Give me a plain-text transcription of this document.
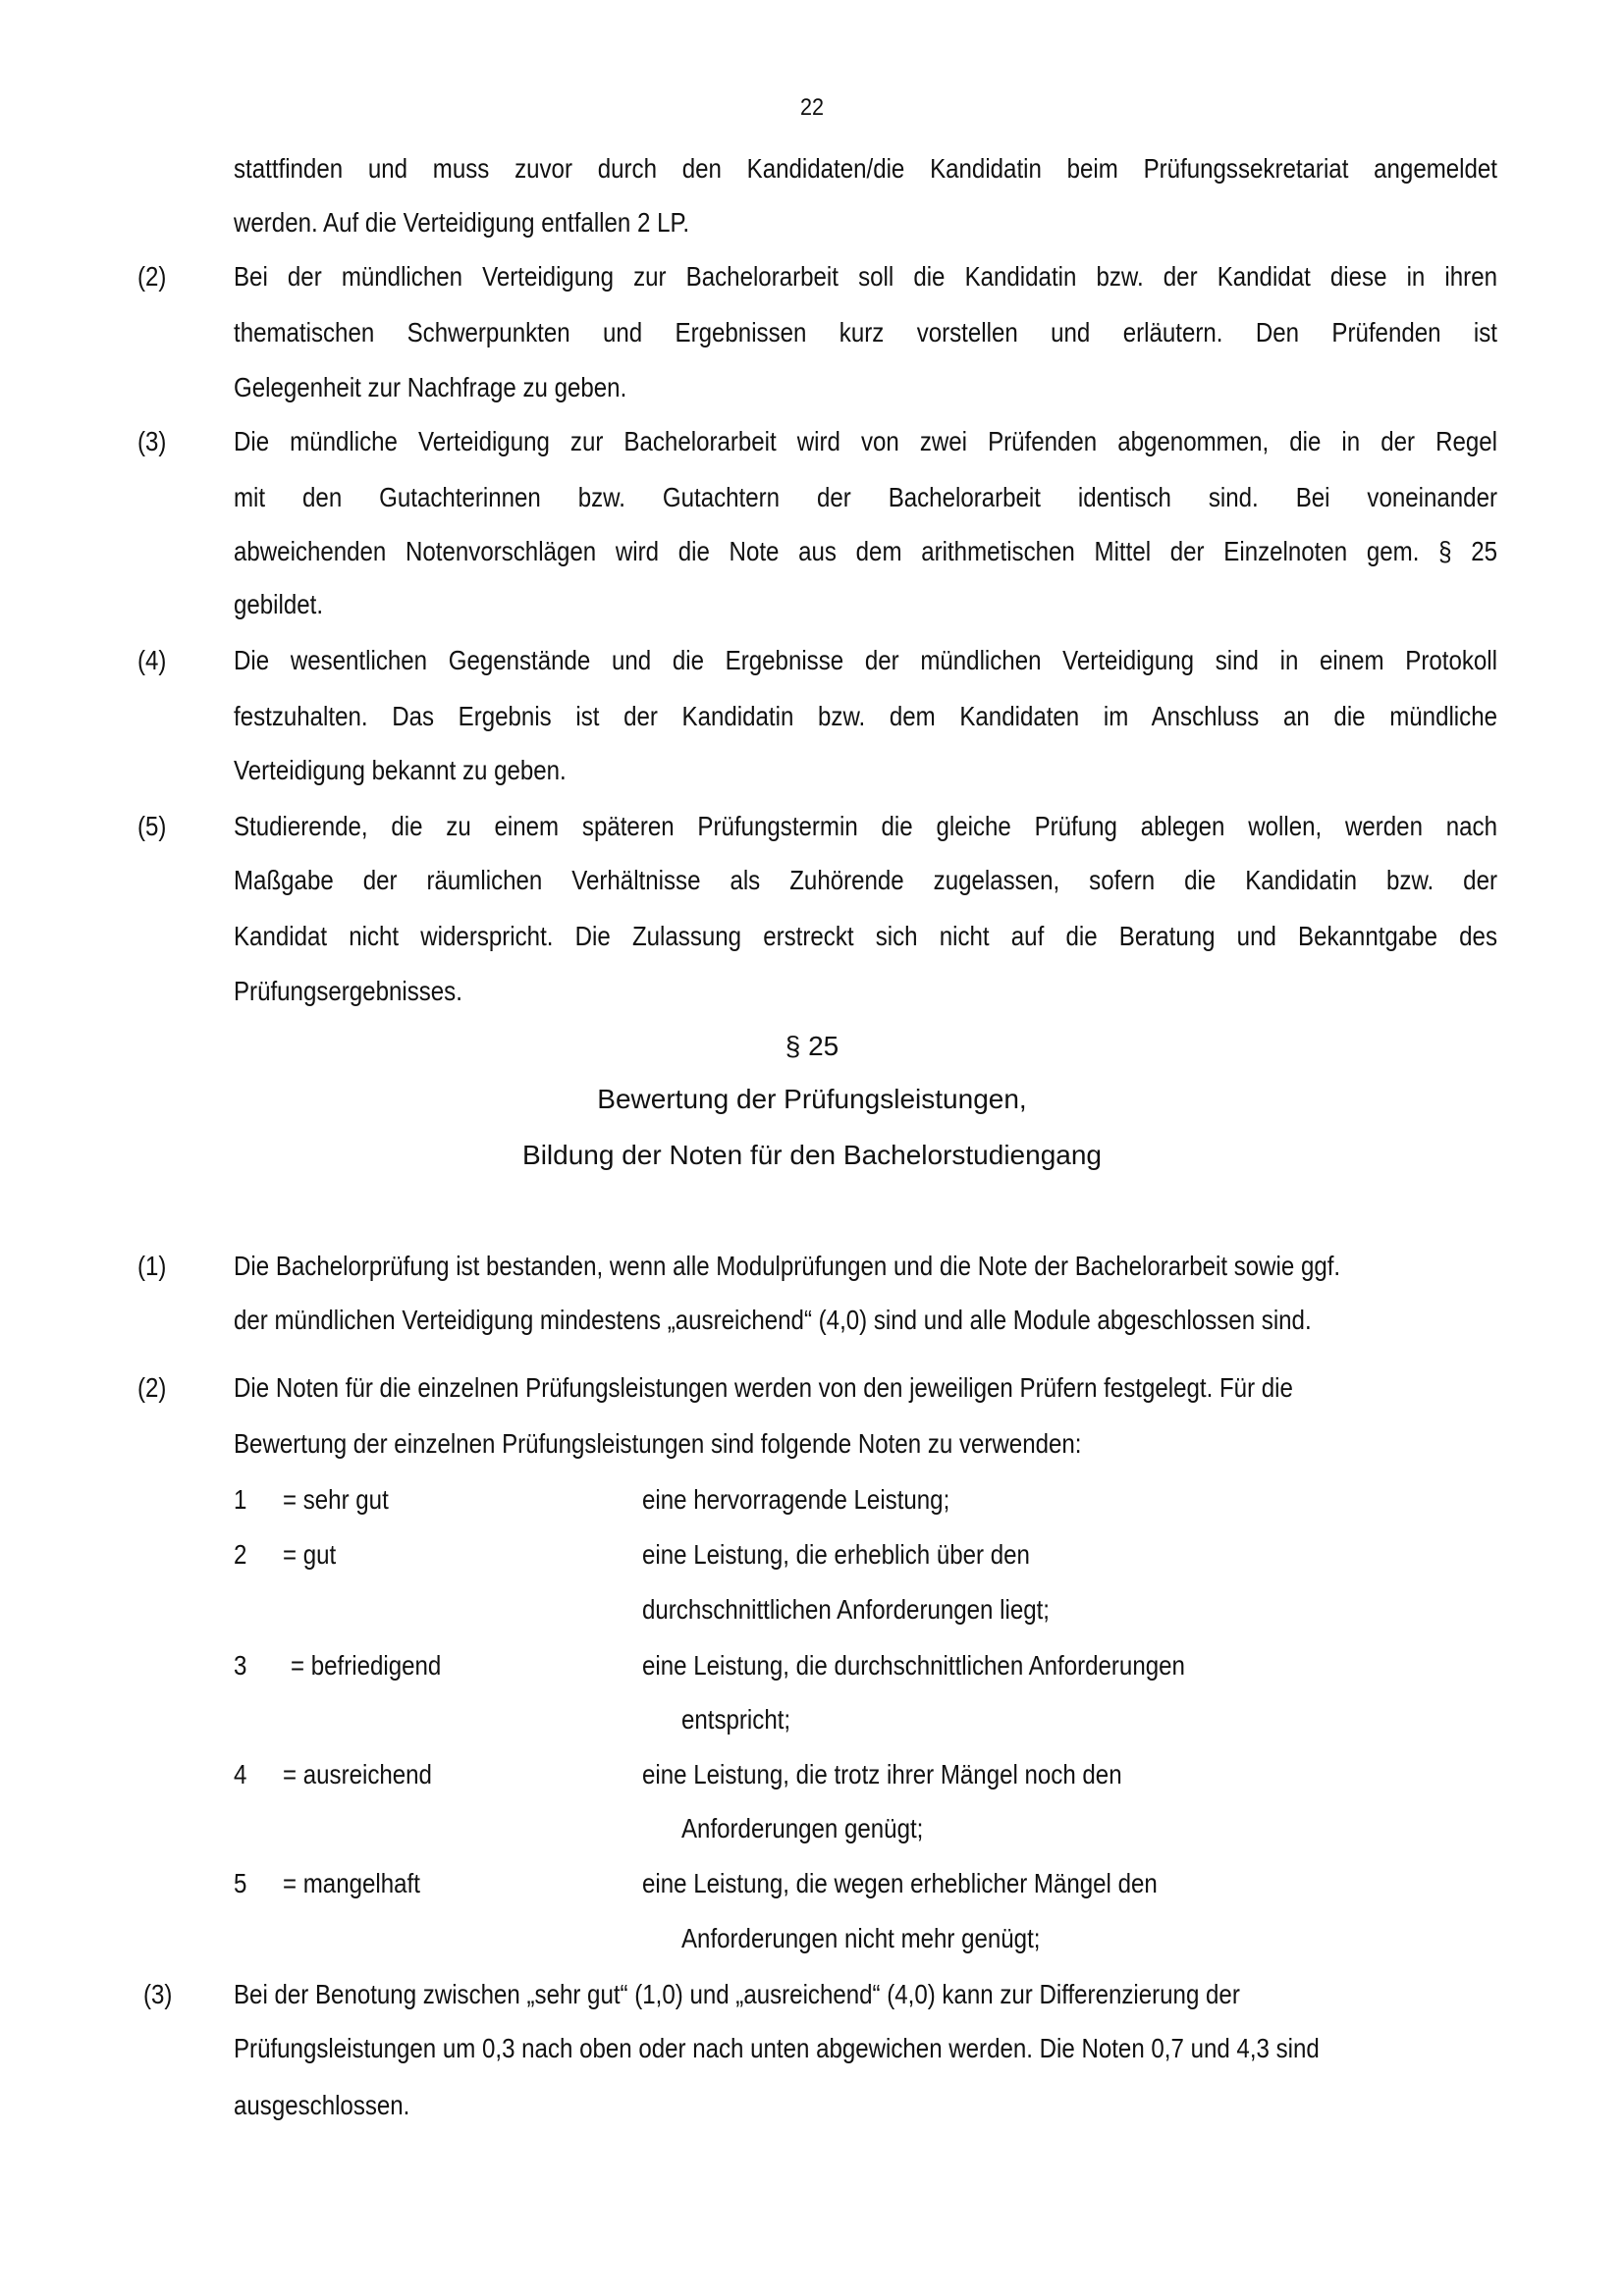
22
§ 25
Bewertung der Prüfungsleistungen,
Bildung der Noten für den Bachelorstudiengang
stattfinden und muss zuvor durch den Kandidaten/die Kandidatin beim Prüfungssekretariat angemeldet
werden. Auf die Verteidigung entfallen 2 LP.
(2) Bei der mündlichen Verteidigung zur Bachelorarbeit soll die Kandidatin bzw. der Kandidat diese in ihren
thematischen Schwerpunkten und Ergebnissen kurz vorstellen und erläutern. Den Prüfenden ist
Gelegenheit zur Nachfrage zu geben.
(3) Die mündliche Verteidigung zur Bachelorarbeit wird von zwei Prüfenden abgenommen, die in der Regel
mit den Gutachterinnen bzw. Gutachtern der Bachelorarbeit identisch sind. Bei voneinander
abweichenden Notenvorschlägen wird die Note aus dem arithmetischen Mittel der Einzelnoten gem. § 25
gebildet.
(4) Die wesentlichen Gegenstände und die Ergebnisse der mündlichen Verteidigung sind in einem Protokoll
festzuhalten. Das Ergebnis ist der Kandidatin bzw. dem Kandidaten im Anschluss an die mündliche
Verteidigung bekannt zu geben.
(5) Studierende, die zu einem späteren Prüfungstermin die gleiche Prüfung ablegen wollen, werden nach
Maßgabe der räumlichen Verhältnisse als Zuhörende zugelassen, sofern die Kandidatin bzw. der
Kandidat nicht widerspricht. Die Zulassung erstreckt sich nicht auf die Beratung und Bekanntgabe des
Prüfungsergebnisses.
(1) Die Bachelorprüfung ist bestanden, wenn alle Modulprüfungen und die Note der Bachelorarbeit sowie ggf.
der mündlichen Verteidigung mindestens „ausreichend“ (4,0) sind und alle Module abgeschlossen sind.
(2) Die Noten für die einzelnen Prüfungsleistungen werden von den jeweiligen Prüfern festgelegt. Für die
Bewertung der einzelnen Prüfungsleistungen sind folgende Noten zu verwenden:
(3) Bei der Benotung zwischen „sehr gut“ (1,0) und „ausreichend“ (4,0) kann zur Differenzierung der
Prüfungsleistungen um 0,3 nach oben oder nach unten abgewichen werden. Die Noten 0,7 und 4,3 sind
ausgeschlossen.
1 = sehr gut	eine hervorragende Leistung;
2 = gut	eine Leistung, die erheblich über den
durchschnittlichen Anforderungen liegt;
3 = befriedigend	eine Leistung, die durchschnittlichen Anforderungen
entspricht;
4 = ausreichend	eine Leistung, die trotz ihrer Mängel noch den
Anforderungen genügt;
5 = mangelhaft	eine Leistung, die wegen erheblicher Mängel den
Anforderungen nicht mehr genügt;
